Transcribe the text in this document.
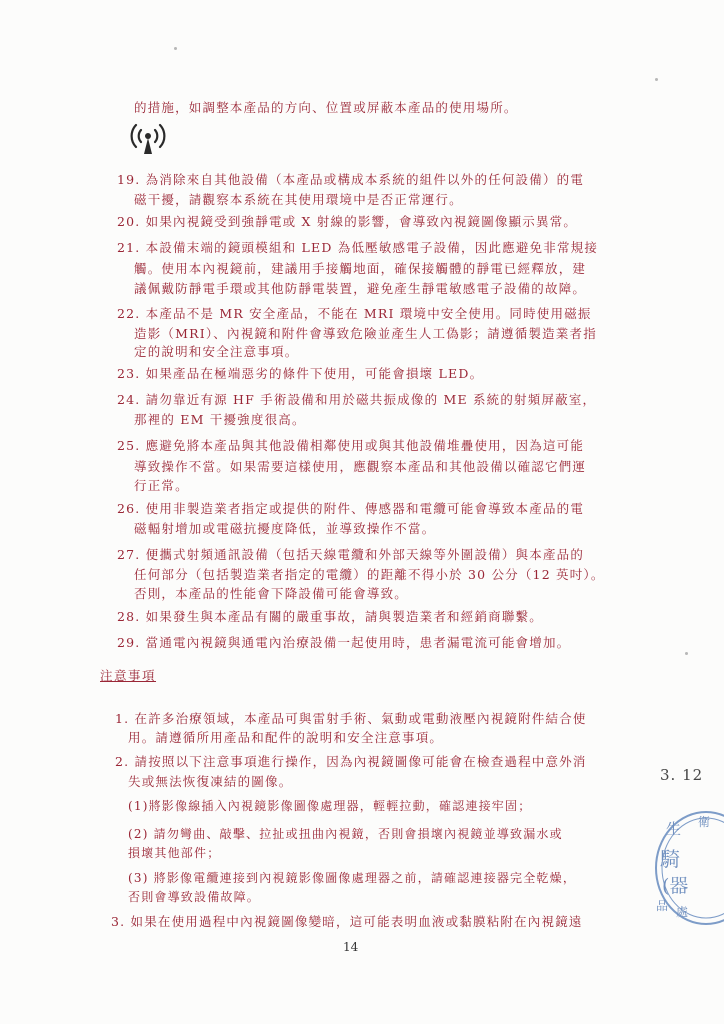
的措施，如調整本產品的方向、位置或屏蔽本產品的使用場所。
19. 為消除來自其他設備（本產品或構成本系統的組件以外的任何設備）的電
磁干擾，請觀察本系統在其使用環境中是否正常運行。
20. 如果內視鏡受到強靜電或 X 射線的影響，會導致內視鏡圖像顯示異常。
21. 本設備末端的鏡頭模組和 LED 為低壓敏感電子設備，因此應避免非常規接
觸。使用本內視鏡前，建議用手接觸地面，確保接觸體的靜電已經釋放，建
議佩戴防靜電手環或其他防靜電裝置，避免產生靜電敏感電子設備的故障。
22. 本產品不是 MR 安全產品，不能在 MRI 環境中安全使用。同時使用磁振
造影（MRI）、內視鏡和附件會導致危險並產生人工偽影；請遵循製造業者指
定的說明和安全注意事項。
23. 如果產品在極端惡劣的條件下使用，可能會損壞 LED。
24. 請勿靠近有源 HF 手術設備和用於磁共振成像的 ME 系統的射頻屏蔽室，
那裡的 EM 干擾強度很高。
25. 應避免將本產品與其他設備相鄰使用或與其他設備堆疊使用，因為這可能
導致操作不當。如果需要這樣使用，應觀察本產品和其他設備以確認它們運
行正常。
26. 使用非製造業者指定或提供的附件、傳感器和電纜可能會導致本產品的電
磁輻射增加或電磁抗擾度降低，並導致操作不當。
27. 便攜式射頻通訊設備（包括天線電纜和外部天線等外圍設備）與本產品的
任何部分（包括製造業者指定的電纜）的距離不得小於 30 公分（12 英吋）。
否則，本產品的性能會下降設備可能會導致。
28. 如果發生與本產品有關的嚴重事故，請與製造業者和經銷商聯繫。
29. 當通電內視鏡與通電內治療設備一起使用時，患者漏電流可能會增加。
注意事項
1. 在許多治療領域，本產品可與雷射手術、氣動或電動液壓內視鏡附件結合使
用。請遵循所用產品和配件的說明和安全注意事項。
2. 請按照以下注意事項進行操作，因為內視鏡圖像可能會在檢查過程中意外消
失或無法恢復凍結的圖像。
(1)將影像線插入內視鏡影像圖像處理器，輕輕拉動，確認連接牢固；
(2) 請勿彎曲、敲擊、拉扯或扭曲內視鏡，否則會損壞內視鏡並導致漏水或
損壞其他部件；
(3) 將影像電纜連接到內視鏡影像圖像處理器之前，請確認連接器完全乾燥，
否則會導致設備故障。
3. 如果在使用過程中內視鏡圖像變暗，這可能表明血液或黏膜粘附在內視鏡遠
14
3. 12
生 衛
騎
(器
品 處
